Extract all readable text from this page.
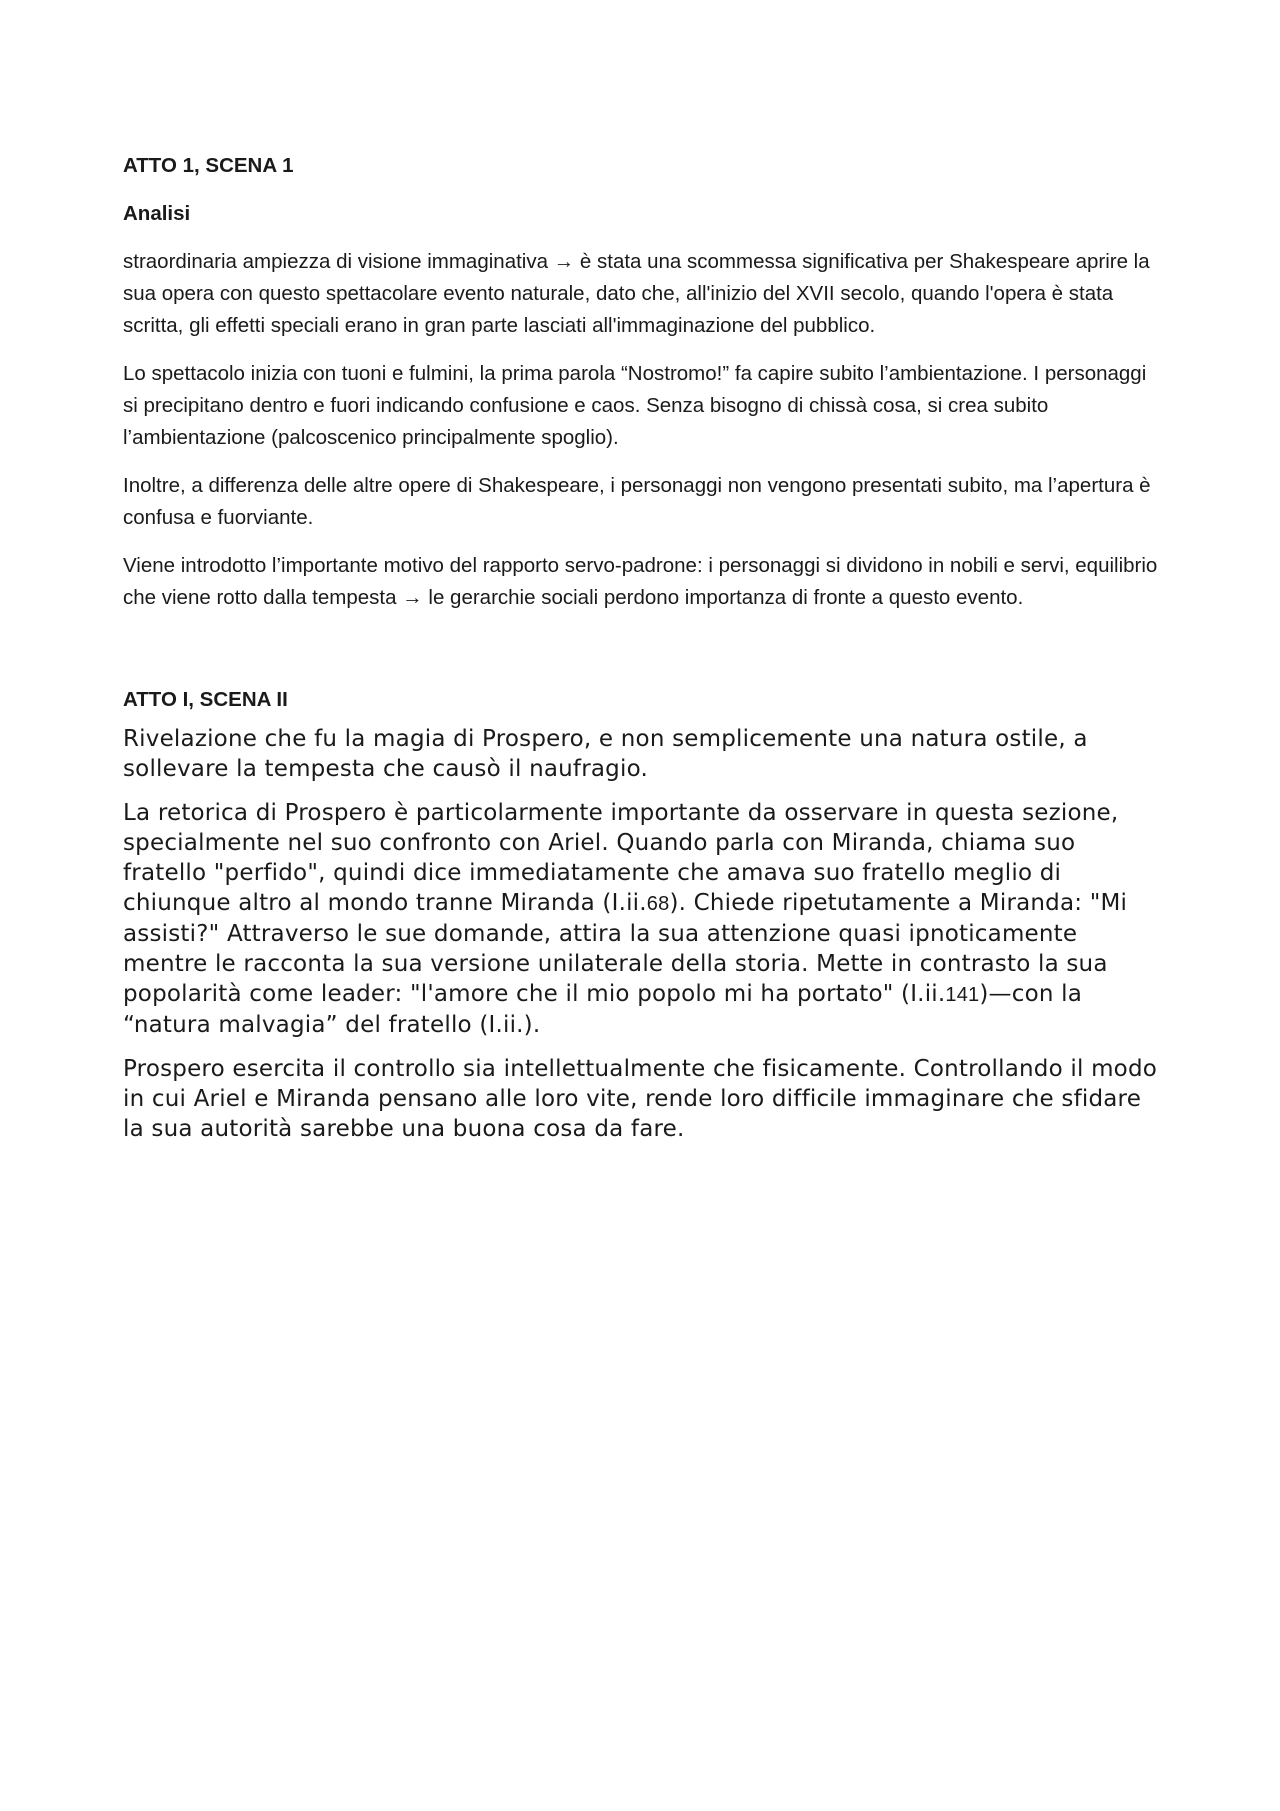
ATTO 1, SCENA 1
Analisi

straordinaria ampiezza di visione immaginativa → è stata una scommessa significativa per Shakespeare aprire la sua opera con questo spettacolare evento naturale, dato che, all'inizio del XVII secolo, quando l'opera è stata scritta, gli effetti speciali erano in gran parte lasciati all'immaginazione del pubblico.

Lo spettacolo inizia con tuoni e fulmini, la prima parola “Nostromo!” fa capire subito l’ambientazione. I personaggi si precipitano dentro e fuori indicando confusione e caos. Senza bisogno di chissà cosa, si crea subito l’ambientazione (palcoscenico principalmente spoglio).

Inoltre, a differenza delle altre opere di Shakespeare, i personaggi non vengono presentati subito, ma l’apertura è confusa e fuorviante.

Viene introdotto l’importante motivo del rapporto servo-padrone: i personaggi si dividono in nobili e servi, equilibrio che viene rotto dalla tempesta → le gerarchie sociali perdono importanza di fronte a questo evento.

ATTO I, SCENA II

Rivelazione che fu la magia di Prospero, e non semplicemente una natura ostile, a sollevare la tempesta che causò il naufragio.

La retorica di Prospero è particolarmente importante da osservare in questa sezione, specialmente nel suo confronto con Ariel. Quando parla con Miranda, chiama suo fratello "perfido", quindi dice immediatamente che amava suo fratello meglio di chiunque altro al mondo tranne Miranda (I.ii.68). Chiede ripetutamente a Miranda: "Mi assisti?" Attraverso le sue domande, attira la sua attenzione quasi ipnoticamente mentre le racconta la sua versione unilaterale della storia. Mette in contrasto la sua popolarità come leader: "l'amore che il mio popolo mi ha portato" (I.ii.141)—con la “natura malvagia” del fratello (I.ii.).

Prospero esercita il controllo sia intellettualmente che fisicamente. Controllando il modo in cui Ariel e Miranda pensano alle loro vite, rende loro difficile immaginare che sfidare la sua autorità sarebbe una buona cosa da fare.
